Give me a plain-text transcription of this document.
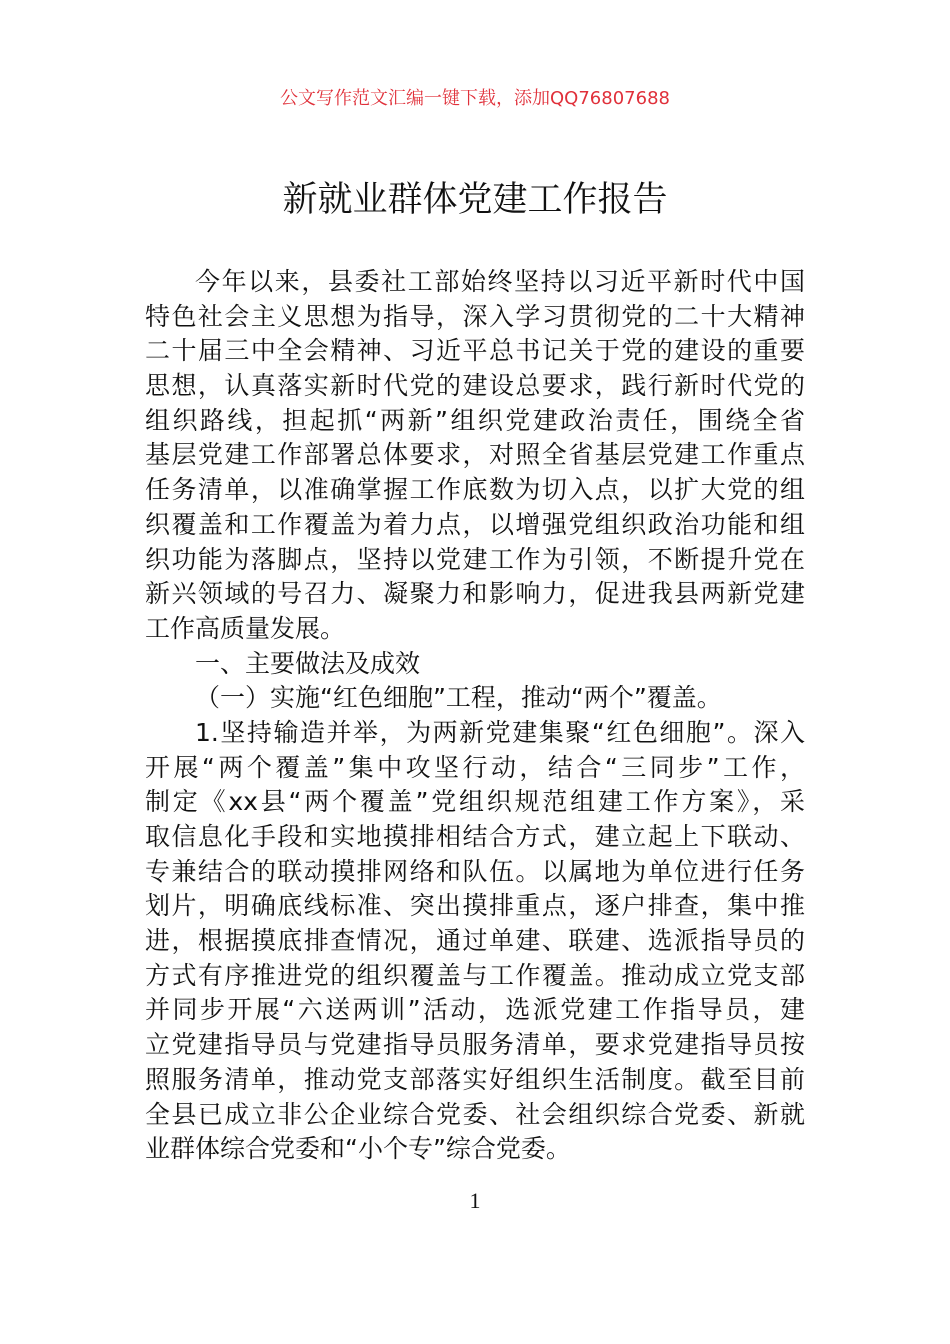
公文写作范文汇编一键下载，添加QQ76807688
新就业群体党建工作报告
今年以来，县委社工部始终坚持以习近平新时代中国
特色社会主义思想为指导，深入学习贯彻党的二十大精神
二十届三中全会精神、习近平总书记关于党的建设的重要
思想，认真落实新时代党的建设总要求，践行新时代党的
组织路线，担起抓“两新”组织党建政治责任，围绕全省
基层党建工作部署总体要求，对照全省基层党建工作重点
任务清单，以准确掌握工作底数为切入点，以扩大党的组
织覆盖和工作覆盖为着力点，以增强党组织政治功能和组
织功能为落脚点，坚持以党建工作为引领，不断提升党在
新兴领域的号召力、凝聚力和影响力，促进我县两新党建
工作高质量发展。
一、主要做法及成效
（一）实施“红色细胞”工程，推动“两个”覆盖。
1.坚持输造并举，为两新党建集聚“红色细胞”。深入
开展“两个覆盖”集中攻坚行动，结合“三同步”工作，
制定《xx县“两个覆盖”党组织规范组建工作方案》，采
取信息化手段和实地摸排相结合方式，建立起上下联动、
专兼结合的联动摸排网络和队伍。以属地为单位进行任务
划片，明确底线标准、突出摸排重点，逐户排查，集中推
进，根据摸底排查情况，通过单建、联建、选派指导员的
方式有序推进党的组织覆盖与工作覆盖。推动成立党支部
并同步开展“六送两训”活动，选派党建工作指导员，建
立党建指导员与党建指导员服务清单，要求党建指导员按
照服务清单，推动党支部落实好组织生活制度。截至目前
全县已成立非公企业综合党委、社会组织综合党委、新就
业群体综合党委和“小个专”综合党委。
1
